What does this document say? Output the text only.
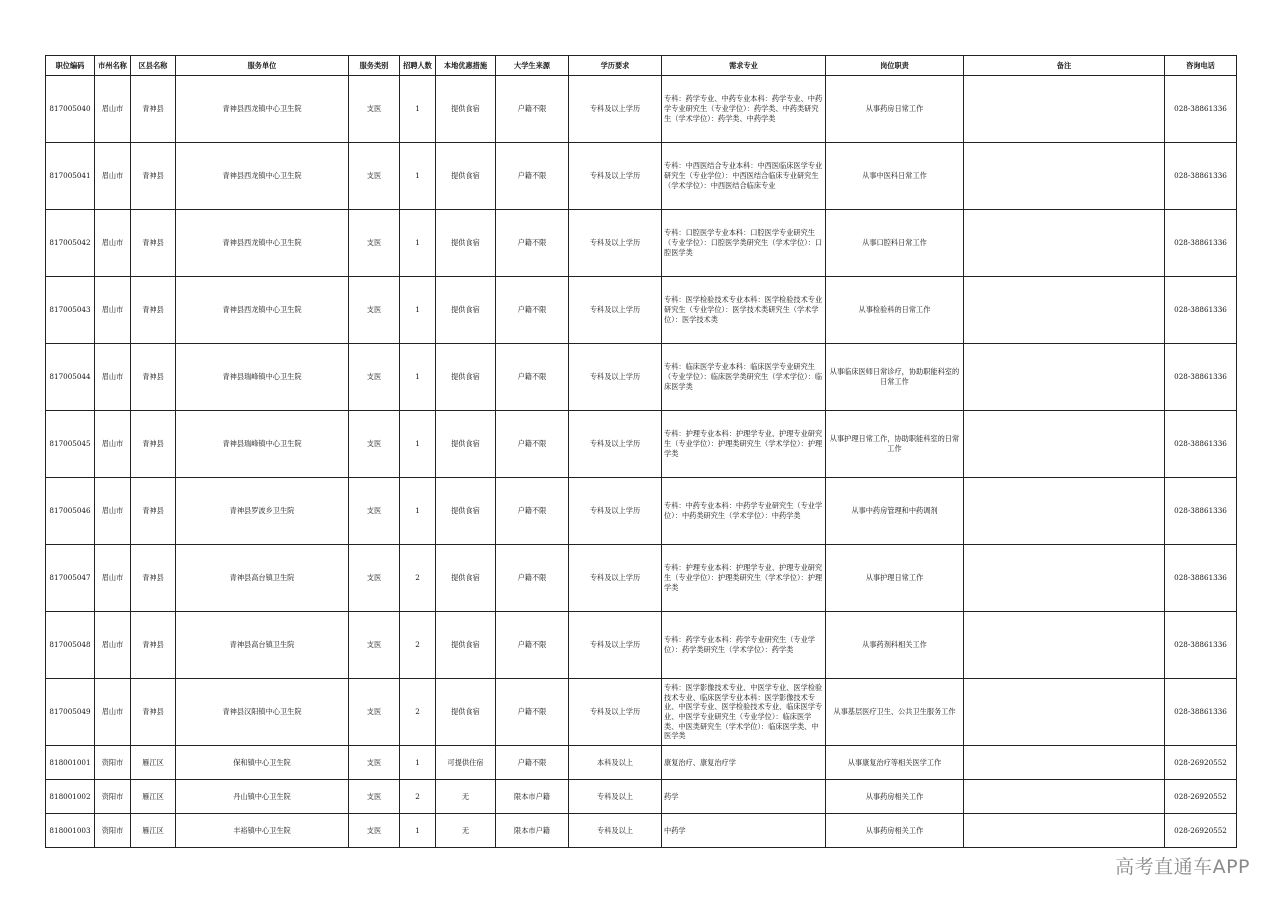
职位编码	市州名称	区县名称	服务单位	服务类别	招聘人数	本地优惠措施	大学生来源	学历要求	需求专业	岗位职责	备注	咨询电话
817005040	眉山市	青神县	青神县西龙镇中心卫生院	支医	1	提供食宿	户籍不限	专科及以上学历	专科：药学专业、中药专业本科：药学专业、中药学专业研究生（专业学位）：药学类、中药类研究生（学术学位）：药学类、中药学类	从事药房日常工作		028-38861336
817005041	眉山市	青神县	青神县西龙镇中心卫生院	支医	1	提供食宿	户籍不限	专科及以上学历	专科：中西医结合专业本科：中西医临床医学专业研究生（专业学位）：中西医结合临床专业研究生（学术学位）：中西医结合临床专业	从事中医科日常工作		028-38861336
817005042	眉山市	青神县	青神县西龙镇中心卫生院	支医	1	提供食宿	户籍不限	专科及以上学历	专科：口腔医学专业本科：口腔医学专业研究生（专业学位）：口腔医学类研究生（学术学位）：口腔医学类	从事口腔科日常工作		028-38861336
817005043	眉山市	青神县	青神县西龙镇中心卫生院	支医	1	提供食宿	户籍不限	专科及以上学历	专科：医学检验技术专业本科：医学检验技术专业研究生（专业学位）：医学技术类研究生（学术学位）：医学技术类	从事检验科的日常工作		028-38861336
817005044	眉山市	青神县	青神县瑞峰镇中心卫生院	支医	1	提供食宿	户籍不限	专科及以上学历	专科：临床医学专业本科：临床医学专业研究生（专业学位）：临床医学类研究生（学术学位）：临床医学类	从事临床医师日常诊疗，协助职能科室的日常工作		028-38861336
817005045	眉山市	青神县	青神县瑞峰镇中心卫生院	支医	1	提供食宿	户籍不限	专科及以上学历	专科：护理专业本科：护理学专业、护理专业研究生（专业学位）：护理类研究生（学术学位）：护理学类	从事护理日常工作，协助职能科室的日常工作		028-38861336
817005046	眉山市	青神县	青神县罗波乡卫生院	支医	1	提供食宿	户籍不限	专科及以上学历	专科：中药专业本科：中药学专业研究生（专业学位）：中药类研究生（学术学位）：中药学类	从事中药房管理和中药调剂		028-38861336
817005047	眉山市	青神县	青神县高台镇卫生院	支医	2	提供食宿	户籍不限	专科及以上学历	专科：护理专业本科：护理学专业、护理专业研究生（专业学位）：护理类研究生（学术学位）：护理学类	从事护理日常工作		028-38861336
817005048	眉山市	青神县	青神县高台镇卫生院	支医	2	提供食宿	户籍不限	专科及以上学历	专科：药学专业本科：药学专业研究生（专业学位）：药学类研究生（学术学位）：药学类	从事药剂科相关工作		028-38861336
817005049	眉山市	青神县	青神县汉阳镇中心卫生院	支医	2	提供食宿	户籍不限	专科及以上学历	专科：医学影像技术专业、中医学专业、医学检验技术专业、临床医学专业本科：医学影像技术专业、中医学专业、医学检验技术专业、临床医学专业、中医学专业研究生（专业学位）：临床医学类、中医类研究生（学术学位）：临床医学类、中医学类	从事基层医疗卫生、公共卫生服务工作		028-38861336
818001001	资阳市	雁江区	保和镇中心卫生院	支医	1	可提供住宿	户籍不限	本科及以上	康复治疗、康复治疗学	从事康复治疗等相关医学工作		028-26920552
818001002	资阳市	雁江区	丹山镇中心卫生院	支医	2	无	限本市户籍	专科及以上	药学	从事药房相关工作		028-26920552
818001003	资阳市	雁江区	丰裕镇中心卫生院	支医	1	无	限本市户籍	专科及以上	中药学	从事药房相关工作		028-26920552
高考直通车APP
